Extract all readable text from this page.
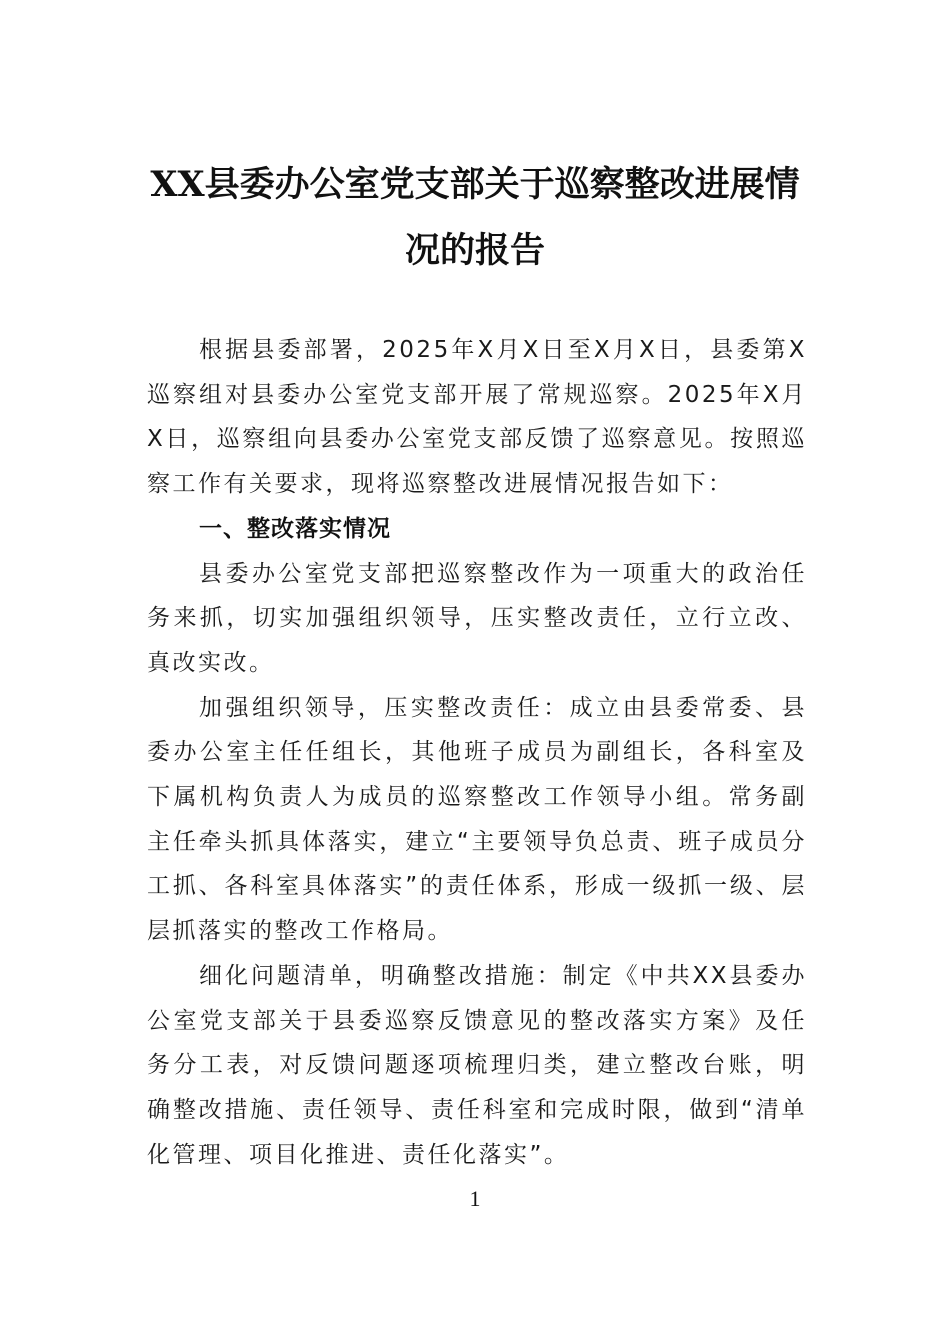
XX县委办公室党支部关于巡察整改进展情
况的报告

根据县委部署，2025年X月X日至X月X日，县委第X巡察组对县委办公室党支部开展了常规巡察。2025年X月X日，巡察组向县委办公室党支部反馈了巡察意见。按照巡察工作有关要求，现将巡察整改进展情况报告如下：

一、整改落实情况

县委办公室党支部把巡察整改作为一项重大的政治任务来抓，切实加强组织领导，压实整改责任，立行立改、真改实改。

加强组织领导，压实整改责任：成立由县委常委、县委办公室主任任组长，其他班子成员为副组长，各科室及下属机构负责人为成员的巡察整改工作领导小组。常务副主任牵头抓具体落实，建立“主要领导负总责、班子成员分工抓、各科室具体落实”的责任体系，形成一级抓一级、层层抓落实的整改工作格局。

细化问题清单，明确整改措施：制定《中共XX县委办公室党支部关于县委巡察反馈意见的整改落实方案》及任务分工表，对反馈问题逐项梳理归类，建立整改台账，明确整改措施、责任领导、责任科室和完成时限，做到“清单化管理、项目化推进、责任化落实”。

1
